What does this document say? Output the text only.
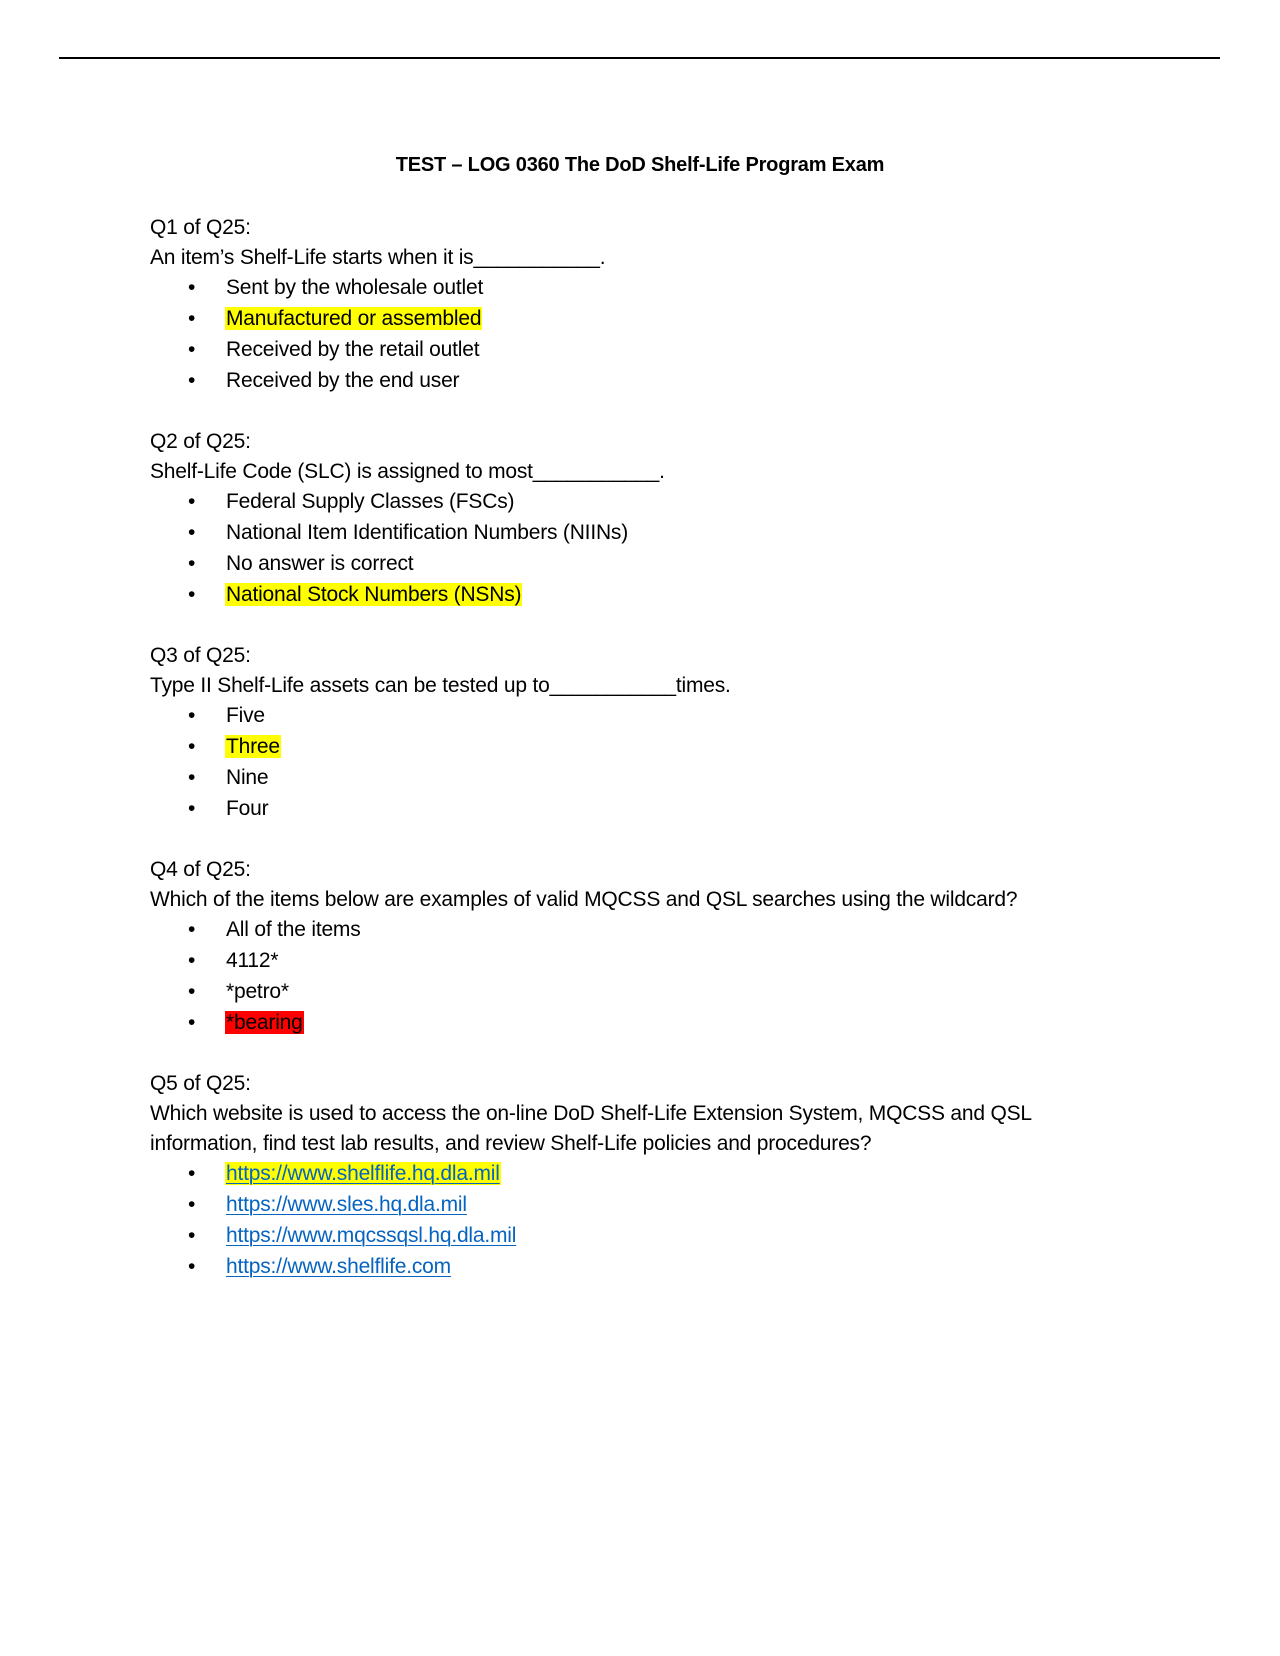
TEST – LOG 0360 The DoD Shelf-Life Program Exam
Q1 of Q25:
An item’s Shelf-Life starts when it is___________.
• Sent by the wholesale outlet
• Manufactured or assembled
• Received by the retail outlet
• Received by the end user
Q2 of Q25:
Shelf-Life Code (SLC) is assigned to most___________.
• Federal Supply Classes (FSCs)
• National Item Identification Numbers (NIINs)
• No answer is correct
• National Stock Numbers (NSNs)
Q3 of Q25:
Type II Shelf-Life assets can be tested up to___________times.
• Five
• Three
• Nine
• Four
Q4 of Q25:
Which of the items below are examples of valid MQCSS and QSL searches using the wildcard?
• All of the items
• 4112*
• *petro*
• *bearing
Q5 of Q25:
Which website is used to access the on-line DoD Shelf-Life Extension System, MQCSS and QSL
information, find test lab results, and review Shelf-Life policies and procedures?
• https://www.shelflife.hq.dla.mil
• https://www.sles.hq.dla.mil
• https://www.mqcssqsl.hq.dla.mil
• https://www.shelflife.com
